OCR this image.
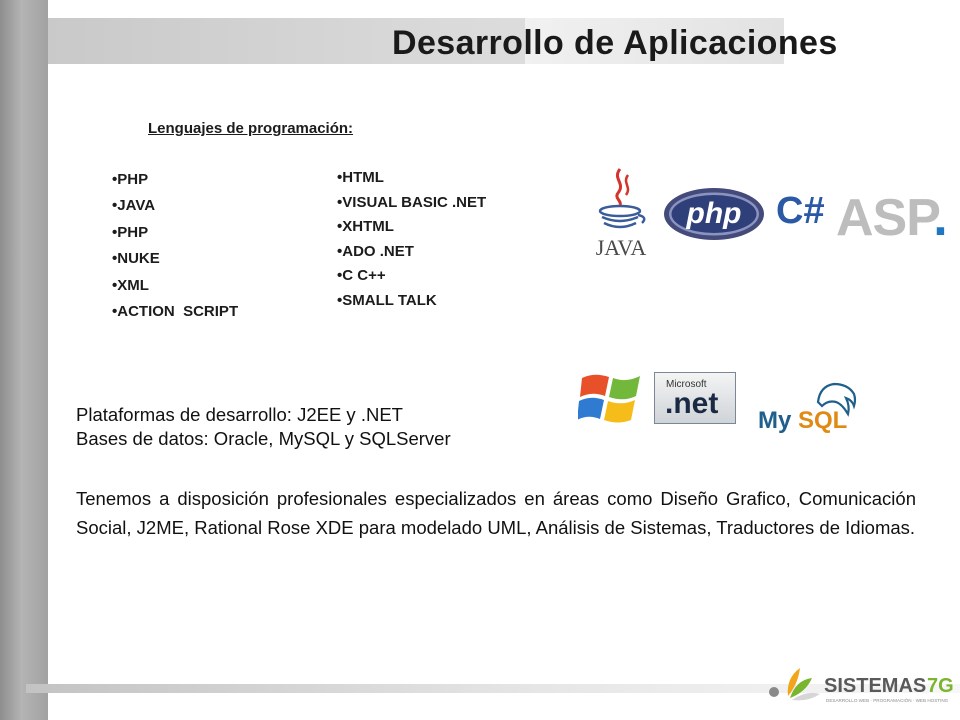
Desarrollo de Aplicaciones
Lenguajes de programación:
• PHP
• JAVA
• PHP
• NUKE
• XML
• ACTION  SCRIPT
• HTML
• VISUAL BASIC .NET
• XHTML
• ADO .NET
• C C++
• SMALL TALK
JAVA
php C# ASP.
Microsoft
.net
My SQL
Plataformas de desarrollo: J2EE y .NET
Bases de datos: Oracle, MySQL y SQLServer

Tenemos a disposición profesionales especializados en áreas como Diseño Grafico, Comunicación Social, J2ME, Rational Rose XDE para modelado UML, Análisis de Sistemas, Traductores de Idiomas.

SISTEMAS 7G
DESARROLLO WEB · PROGRAMACIÓN · WEB HOSTING
